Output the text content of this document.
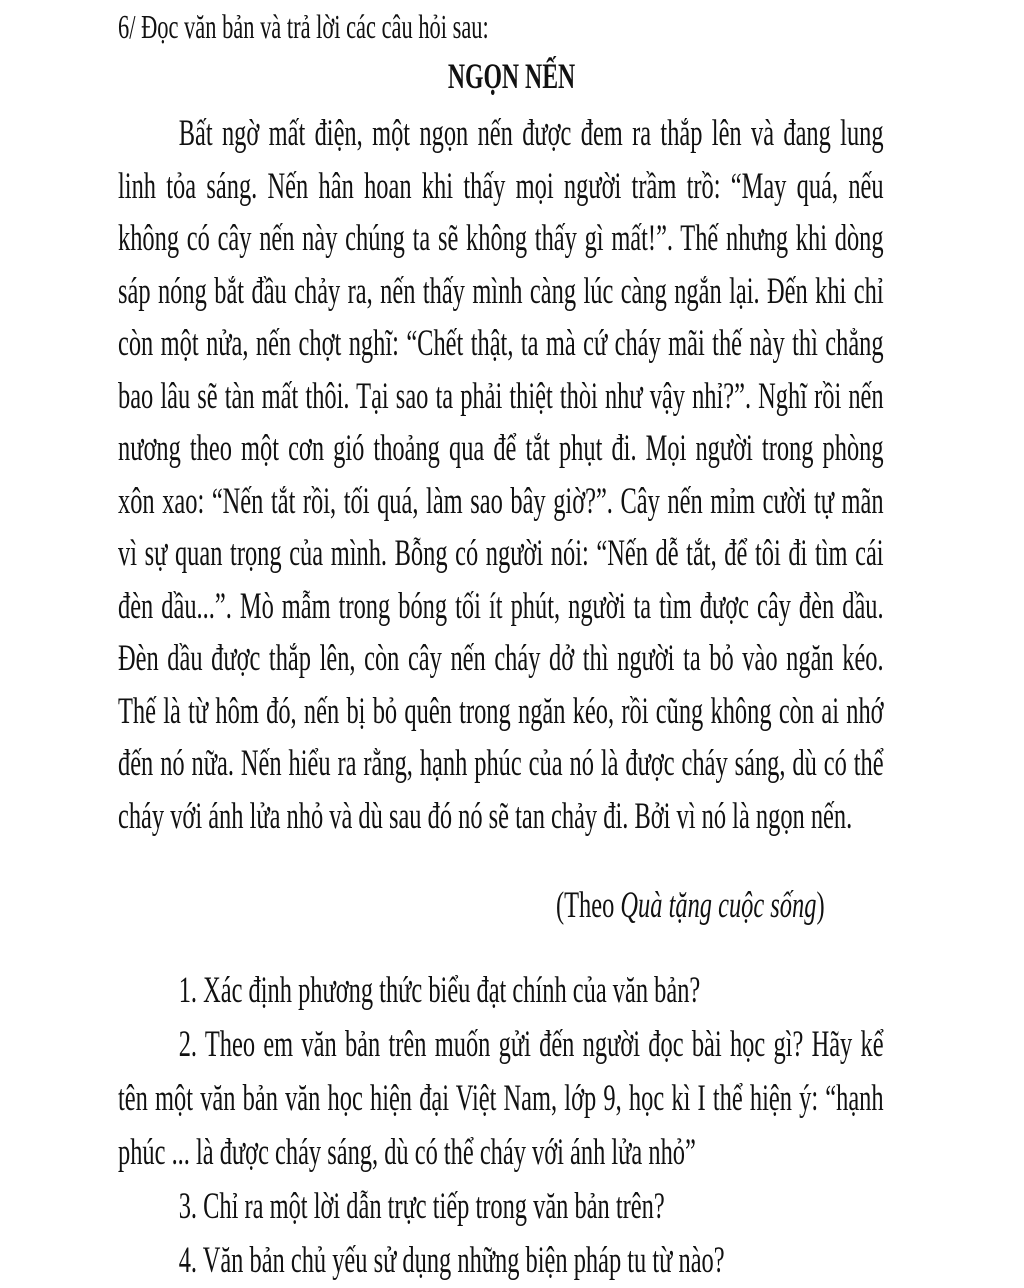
6/ Đọc văn bản và trả lời các câu hỏi sau:
NGỌN NẾN
Bất ngờ mất điện, một ngọn nến được đem ra thắp lên và đang lung
linh tỏa sáng. Nến hân hoan khi thấy mọi người trầm trồ: “May quá, nếu
không có cây nến này chúng ta sẽ không thấy gì mất!”. Thế nhưng khi dòng
sáp nóng bắt đầu chảy ra, nến thấy mình càng lúc càng ngắn lại. Đến khi chỉ
còn một nửa, nến chợt nghĩ: “Chết thật, ta mà cứ cháy mãi thế này thì chẳng
bao lâu sẽ tàn mất thôi. Tại sao ta phải thiệt thòi như vậy nhỉ?”. Nghĩ rồi nến
nương theo một cơn gió thoảng qua để tắt phụt đi. Mọi người trong phòng
xôn xao: “Nến tắt rồi, tối quá, làm sao bây giờ?”. Cây nến mỉm cười tự mãn
vì sự quan trọng của mình. Bỗng có người nói: “Nến dễ tắt, để tôi đi tìm cái
đèn dầu...”. Mò mẫm trong bóng tối ít phút, người ta tìm được cây đèn dầu.
Đèn dầu được thắp lên, còn cây nến cháy dở thì người ta bỏ vào ngăn kéo.
Thế là từ hôm đó, nến bị bỏ quên trong ngăn kéo, rồi cũng không còn ai nhớ
đến nó nữa. Nến hiểu ra rằng, hạnh phúc của nó là được cháy sáng, dù có thể
cháy với ánh lửa nhỏ và dù sau đó nó sẽ tan chảy đi. Bởi vì nó là ngọn nến.
(Theo Quà tặng cuộc sống)
1. Xác định phương thức biểu đạt chính của văn bản?
2. Theo em văn bản trên muốn gửi đến người đọc bài học gì? Hãy kể
tên một văn bản văn học hiện đại Việt Nam, lớp 9, học kì I thể hiện ý: “hạnh
phúc ... là được cháy sáng, dù có thể cháy với ánh lửa nhỏ”
3. Chỉ ra một lời dẫn trực tiếp trong văn bản trên?
4. Văn bản chủ yếu sử dụng những biện pháp tu từ nào?
